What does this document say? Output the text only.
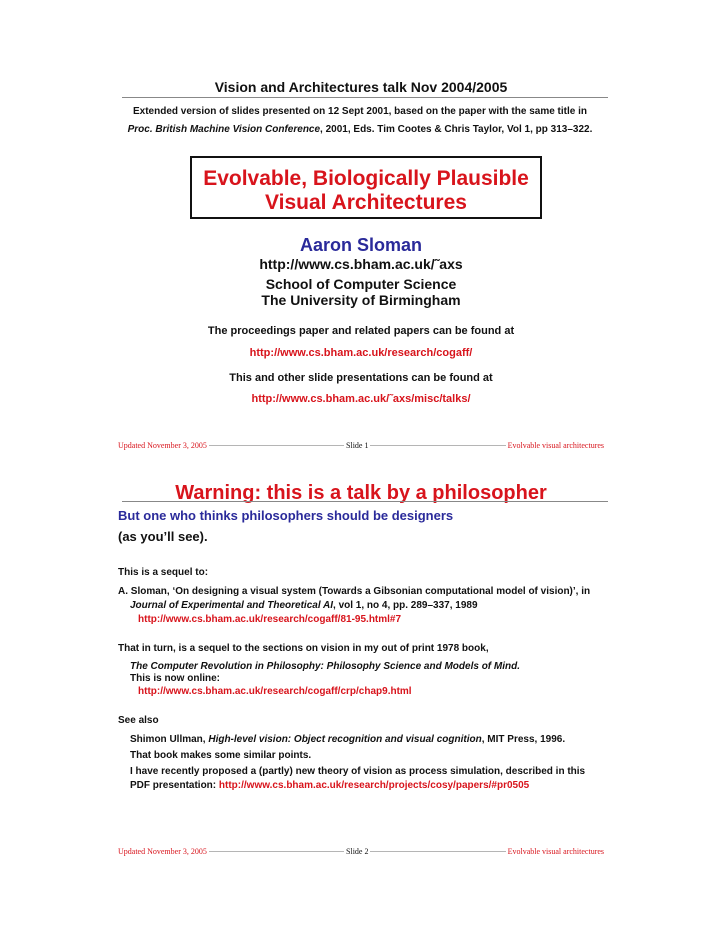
Vision and Architectures talk Nov 2004/2005
Extended version of slides presented on 12 Sept 2001, based on the paper with the same title in
Proc. British Machine Vision Conference, 2001, Eds. Tim Cootes & Chris Taylor, Vol 1, pp 313–322.
Evolvable, Biologically Plausible
Visual Architectures
Aaron Sloman
http://www.cs.bham.ac.uk/˜axs
School of Computer Science
The University of Birmingham
The proceedings paper and related papers can be found at
http://www.cs.bham.ac.uk/research/cogaff/
This and other slide presentations can be found at
http://www.cs.bham.ac.uk/˜axs/misc/talks/
Updated November 3, 2005	Slide 1	Evolvable visual architectures
Warning: this is a talk by a philosopher
But one who thinks philosophers should be designers
(as you’ll see).
This is a sequel to:
A. Sloman, ‘On designing a visual system (Towards a Gibsonian computational model of vision)’, in
Journal of Experimental and Theoretical AI, vol 1, no 4, pp. 289–337, 1989
http://www.cs.bham.ac.uk/research/cogaff/81-95.html#7
That in turn, is a sequel to the sections on vision in my out of print 1978 book,
The Computer Revolution in Philosophy: Philosophy Science and Models of Mind.
This is now online:
http://www.cs.bham.ac.uk/research/cogaff/crp/chap9.html
See also
Shimon Ullman, High-level vision: Object recognition and visual cognition, MIT Press, 1996.
That book makes some similar points.
I have recently proposed a (partly) new theory of vision as process simulation, described in this
PDF presentation: http://www.cs.bham.ac.uk/research/projects/cosy/papers/#pr0505
Updated November 3, 2005	Slide 2	Evolvable visual architectures
